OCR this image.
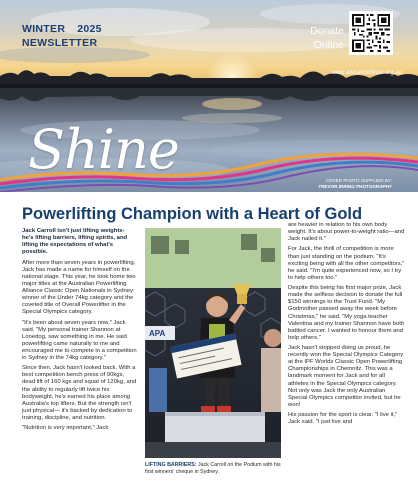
WINTER 2025
NEWSLETTER
Donate
Online
www.awcancertrust.org.au
Shine	COVER PHOTO SUPPLIED BY:
TREVOR IRRING PHOTOGRAPHY
Powerlifting Champion with a Heart of Gold

Jack Carroll isn't just lifting weights- he's lifting barriers, lifting spirits, and lifting the expectations of what's possible.

After more than seven years in powerlifting, Jack has made a name for himself on the national stage. This year, he took home two major titles at the Australian Powerlifting Alliance Classic Open Nationals in Sydney: winner of the Under 74kg category and the coveted title of Overall Powerlifter in the Special Olympics category.

"It's been about seven years now," Jack said. "My personal trainer Shannon at Lonedog, saw something in me. He said powerlifting came naturally to me and encouraged me to compete in a competition in Sydney in the 74kg category."

Since then, Jack hasn't looked back. With a best competition bench press of 90kgs, dead lift of 160 kgs and squat of 120kg, and the ability to regularly lift twice his bodyweight, he's earned his place among Australia's top lifters. But the strength isn't just physical— it's backed by dedication to training, discipline, and nutrition.

"Nutrition is very important," Jack

APA
LIFTING BARRIERS: Jack Carroll on the Podium with his first winners' cheque in Sydney.

are heavier in relation to his own body weight. It's about power-to-weight ratio—and Jack nailed it."

For Jack, the thrill of competition is more than just standing on the podium. "It's exciting being with all the other competitors," he said. "I'm quite experienced now, so I try to help others too."

Despite this being his first major prize, Jack made the selfless decision to donate the full $150 winnings to the Trust Fund. "My Godmother passed away the week before Christmas," he said. "My yoga teacher Valentina and my trainer Shannon have both battled cancer. I wanted to honour them and help others."

Jack hasn't stopped doing us proud, he recently won the Special Olympics Category at the IPF Worlds Classic Open Powerlifting Championships in Chemnitz. This was a landmark moment for Jack and for all athletes in the Special Olympics category. Not only was Jack the only Australian Special Olympics competitor invited, but he won!

His passion for the sport is clear. "I live it," Jack said. "I just live and
